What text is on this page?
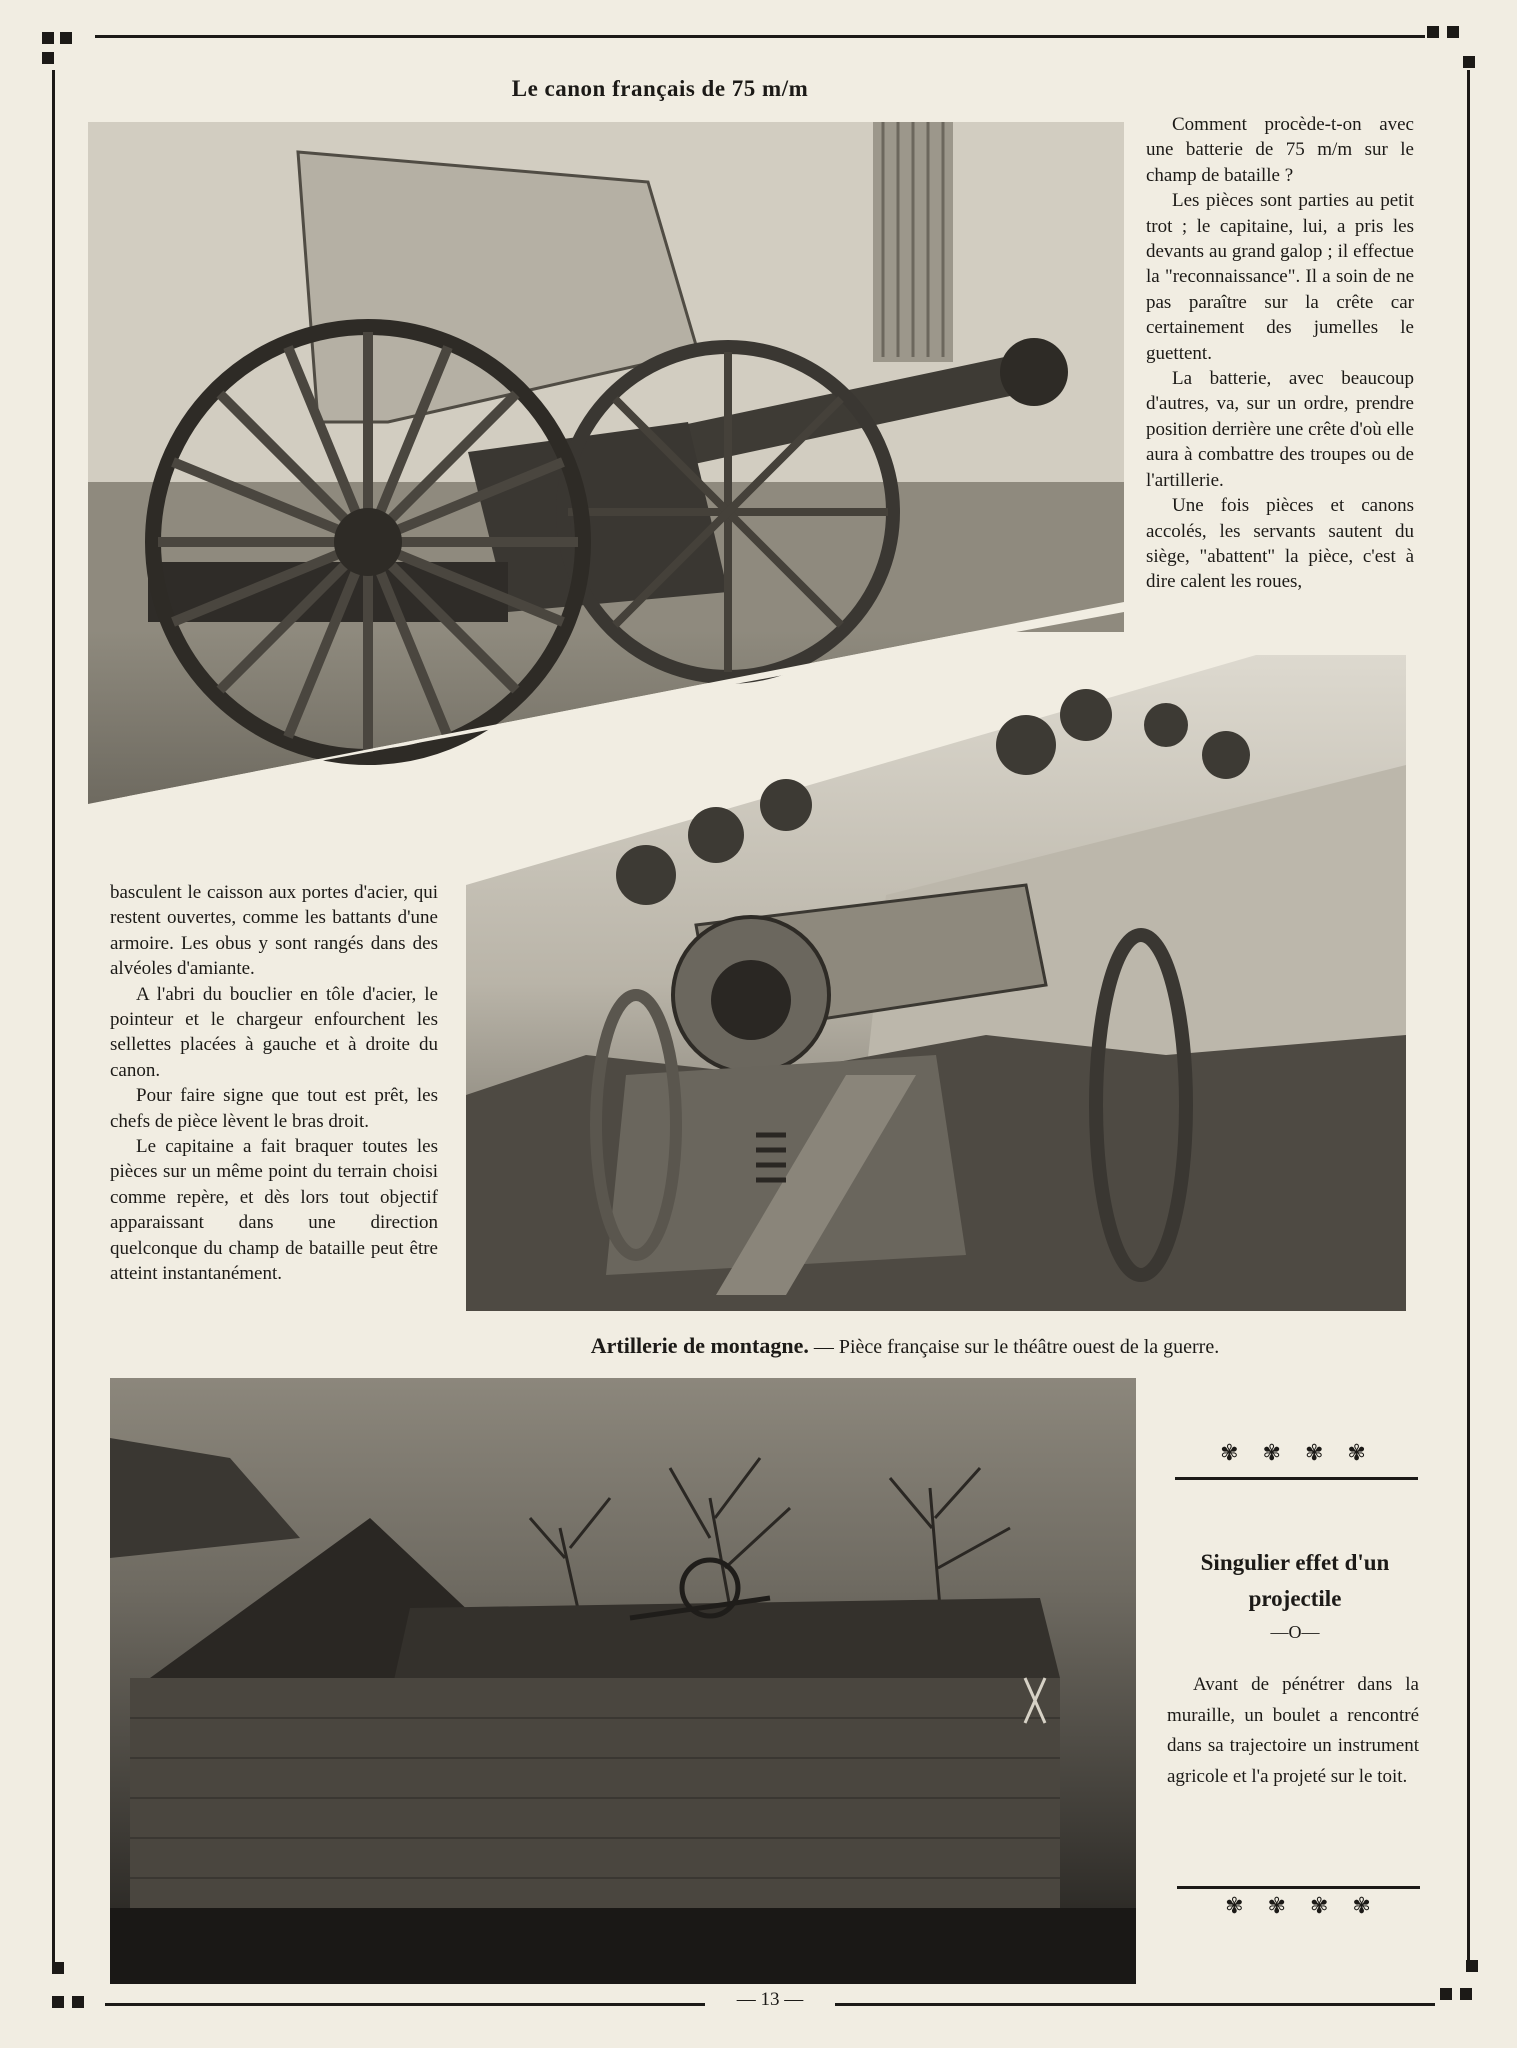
Le canon français de 75 m/m

Comment procède-t-on avec une batterie de 75 m/m sur le champ de bataille ?

Les pièces sont parties au petit trot ; le capitaine, lui, a pris les devants au grand galop ; il effectue la "reconnaissance". Il a soin de ne pas paraître sur la crête car certainement des jumelles le guettent.

La batterie, avec beaucoup d'autres, va, sur un ordre, prendre position derrière une crête d'où elle aura à combattre des troupes ou de l'artillerie.

Une fois pièces et canons accolés, les servants sautent du siège, "abattent" la pièce, c'est à dire calent les roues,

basculent le caisson aux portes d'acier, qui restent ouvertes, comme les battants d'une armoire. Les obus y sont rangés dans des alvéoles d'amiante.

A l'abri du bouclier en tôle d'acier, le pointeur et le chargeur enfourchent les sellettes placées à gauche et à droite du canon.

Pour faire signe que tout est prêt, les chefs de pièce lèvent le bras droit.

Le capitaine a fait braquer toutes les pièces sur un même point du terrain choisi comme repère, et dès lors tout objectif apparaissant dans une direction quelconque du champ de bataille peut être atteint instantanément.

Artillerie de montagne. — Pièce française sur le théâtre ouest de la guerre.
✾✾✾✾
Singulier effet d'un projectile
—O—

Avant de pénétrer dans la muraille, un boulet a rencontré dans sa trajectoire un instrument agricole et l'a projeté sur le toit.

✾✾✾✾
— 13 —
